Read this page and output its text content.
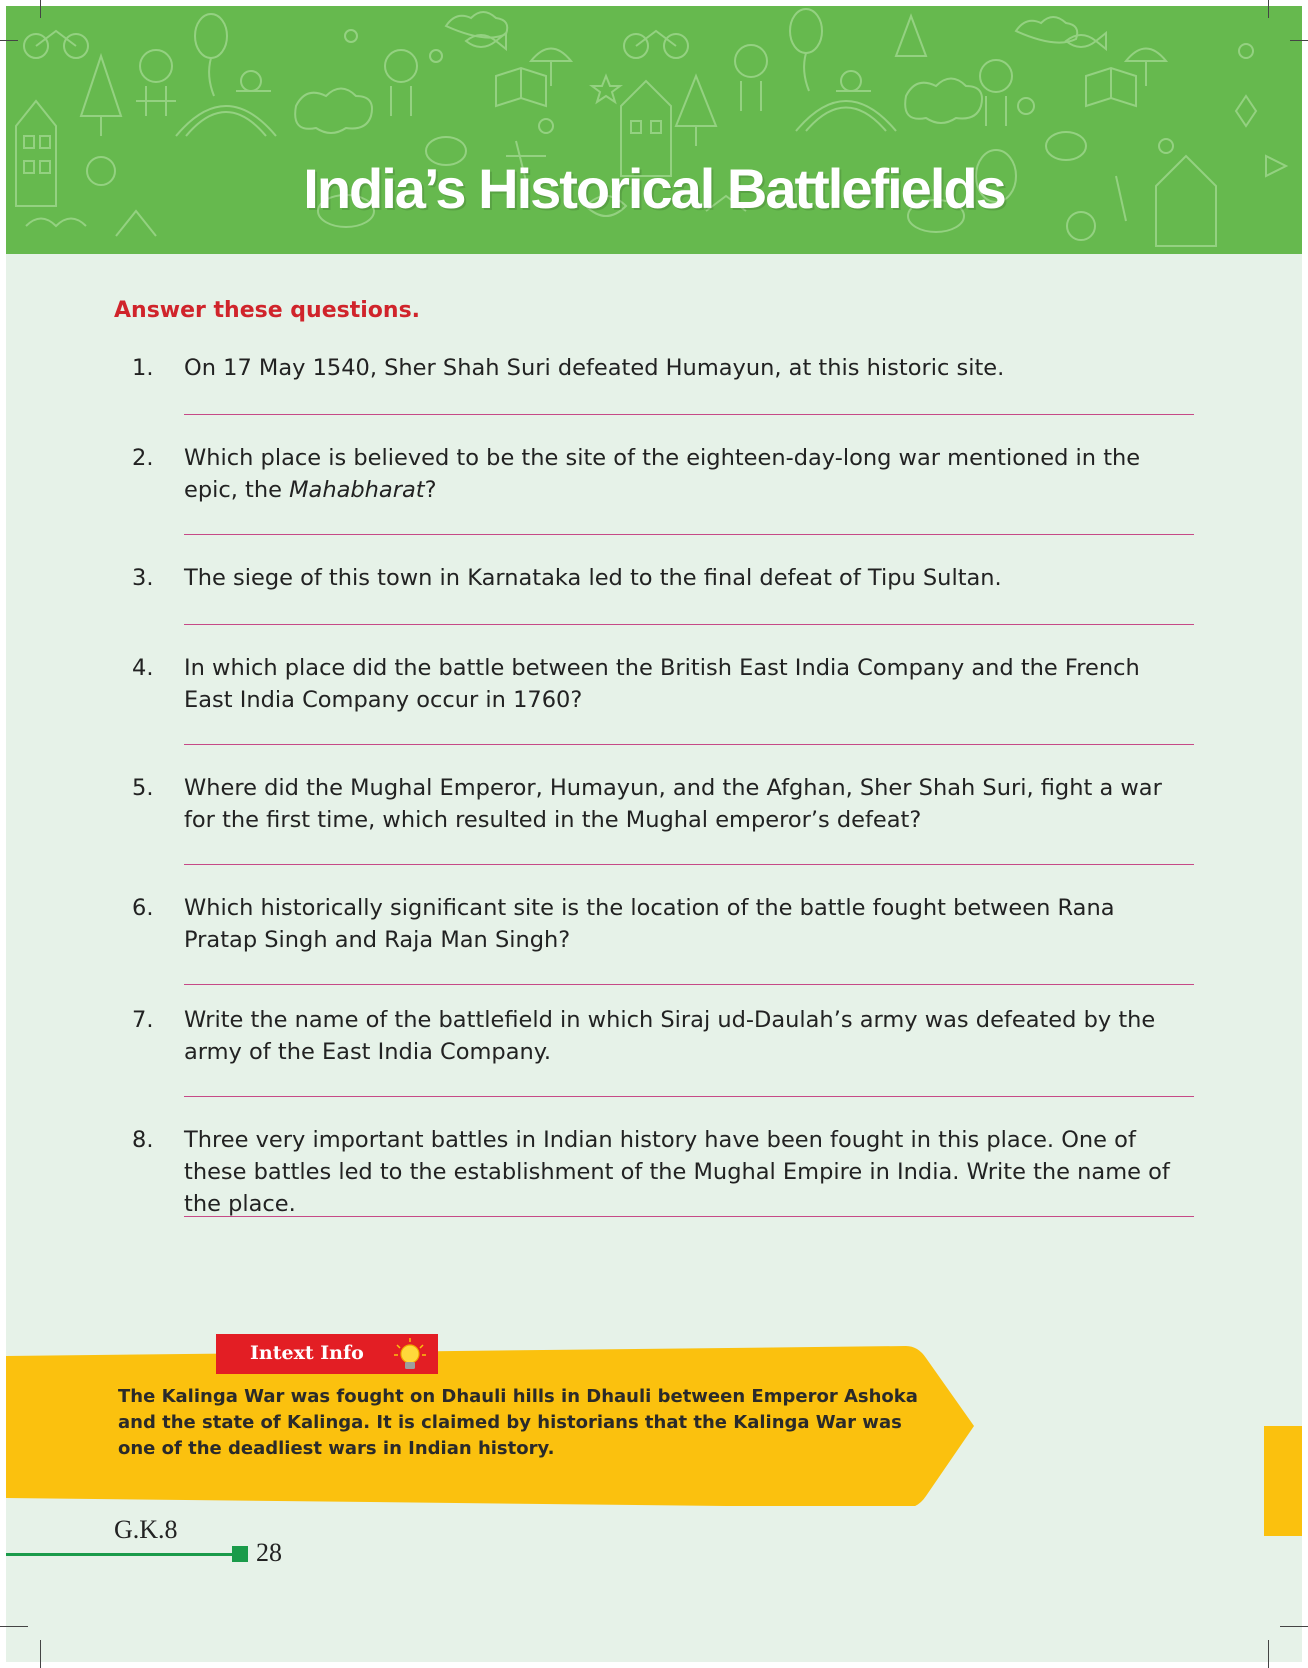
India’s Historical Battlefields

Answer these questions.

1.	On 17 May 1540, Sher Shah Suri defeated Humayun, at this historic site.

2.	Which place is believed to be the site of the eighteen-day-long war mentioned in the epic, the Mahabharat?

3.	The siege of this town in Karnataka led to the final defeat of Tipu Sultan.

4.	In which place did the battle between the British East India Company and the French East India Company occur in 1760?

5.	Where did the Mughal Emperor, Humayun, and the Afghan, Sher Shah Suri, fight a war for the first time, which resulted in the Mughal emperor’s defeat?

6.	Which historically significant site is the location of the battle fought between Rana Pratap Singh and Raja Man Singh?

7.	Write the name of the battlefield in which Siraj ud-Daulah’s army was defeated by the army of the East India Company.

8.	Three very important battles in Indian history have been fought in this place. One of these battles led to the establishment of the Mughal Empire in India. Write the name of the place.

Intext Info

The Kalinga War was fought on Dhauli hills in Dhauli between Emperor Ashoka and the state of Kalinga. It is claimed by historians that the Kalinga War was one of the deadliest wars in Indian history.

G.K.8

28
